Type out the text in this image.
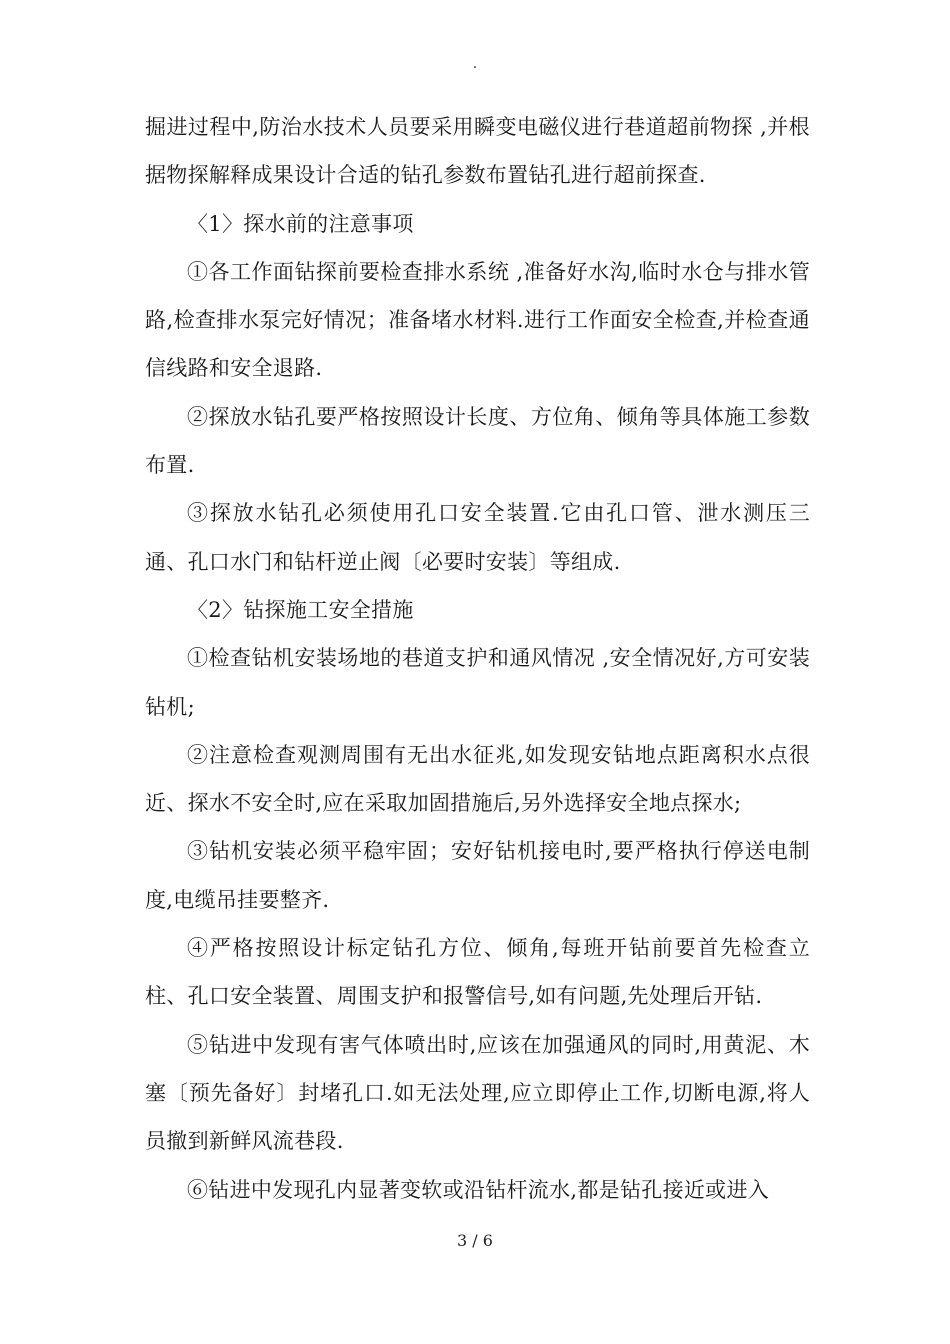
.

掘进过程中,防治水技术人员要采用瞬变电磁仪进行巷道超前物探 ,并根据物探解释成果设计合适的钻孔参数布置钻孔进行超前探查.

〈1〉探水前的注意事项

①各工作面钻探前要检查排水系统 ,准备好水沟,临时水仓与排水管路,检查排水泵完好情况；准备堵水材料.进行工作面安全检查,并检查通信线路和安全退路.

②探放水钻孔要严格按照设计长度、方位角、倾角等具体施工参数布置.

③探放水钻孔必须使用孔口安全装置.它由孔口管、泄水测压三通、孔口水门和钻杆逆止阀〔必要时安装〕等组成.

〈2〉钻探施工安全措施

①检查钻机安装场地的巷道支护和通风情况 ,安全情况好,方可安装钻机;

②注意检查观测周围有无出水征兆,如发现安钻地点距离积水点很近、探水不安全时,应在采取加固措施后,另外选择安全地点探水;

③钻机安装必须平稳牢固；安好钻机接电时,要严格执行停送电制度,电缆吊挂要整齐.

④严格按照设计标定钻孔方位、倾角,每班开钻前要首先检查立柱、孔口安全装置、周围支护和报警信号,如有问题,先处理后开钻.

⑤钻进中发现有害气体喷出时,应该在加强通风的同时,用黄泥、木塞〔预先备好〕封堵孔口.如无法处理,应立即停止工作,切断电源,将人员撤到新鲜风流巷段.

⑥钻进中发现孔内显著变软或沿钻杆流水,都是钻孔接近或进入

3 / 6
